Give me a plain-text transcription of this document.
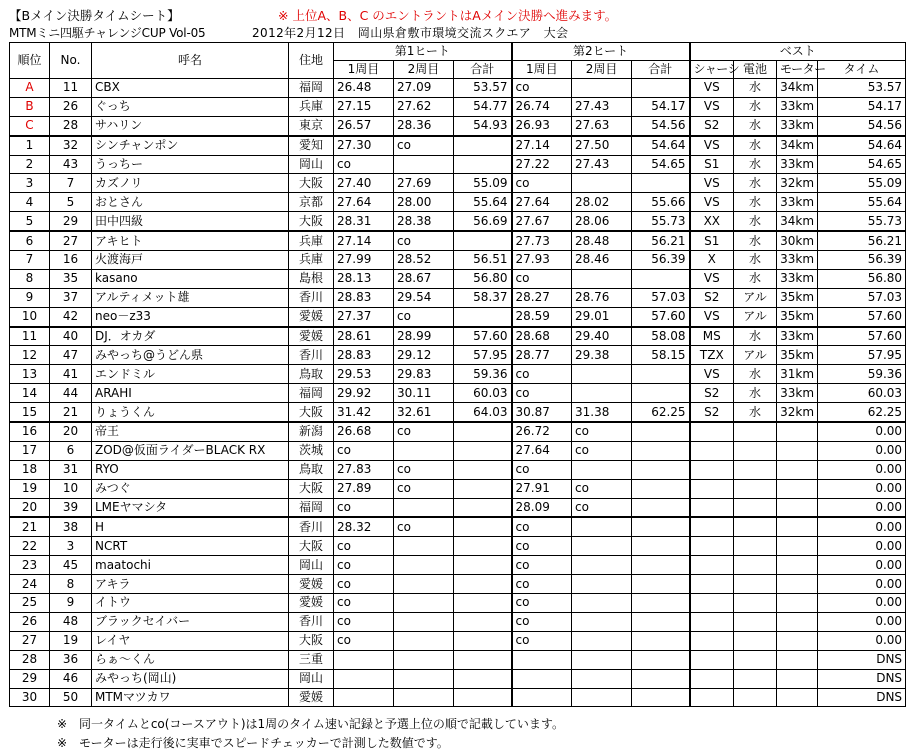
【Bメイン決勝タイムシート】	※ 上位A、B、C のエントラントはAメイン決勝へ進みます。
MTMミニ四駆チャレンジCUP Vol-05	2012年2月12日　岡山県倉敷市環境交流スクエア　大会
順位	No.	呼名	住地	第1ヒート			第2ヒート			ベスト			
				1周目	2周目	合計	1周目	2周目	合計	シャーシ	電池	モーター	タイム
A	11	CBX	福岡	26.48	27.09	53.57	co			VS	水	34km	53.57
B	26	ぐっち	兵庫	27.15	27.62	54.77	26.74	27.43	54.17	VS	水	33km	54.17
C	28	サハリン	東京	26.57	28.36	54.93	26.93	27.63	54.56	S2	水	33km	54.56
1	32	シンチャンポン	愛知	27.30	co		27.14	27.50	54.64	VS	水	34km	54.64
2	43	うっちー	岡山	co			27.22	27.43	54.65	S1	水	33km	54.65
3	7	カズノリ	大阪	27.40	27.69	55.09	co			VS	水	32km	55.09
4	5	おとさん	京都	27.64	28.00	55.64	27.64	28.02	55.66	VS	水	33km	55.64
5	29	田中四級	大阪	28.31	28.38	56.69	27.67	28.06	55.73	XX	水	34km	55.73
6	27	アキヒト	兵庫	27.14	co		27.73	28.48	56.21	S1	水	30km	56.21
7	16	火渡海戸	兵庫	27.99	28.52	56.51	27.93	28.46	56.39	X	水	33km	56.39
8	35	kasano	島根	28.13	28.67	56.80	co			VS	水	33km	56.80
9	37	アルティメット雄	香川	28.83	29.54	58.37	28.27	28.76	57.03	S2	アル	35km	57.03
10	42	neo－z33	愛媛	27.37	co		28.59	29.01	57.60	VS	アル	35km	57.60
11	40	DJ．オカダ	愛媛	28.61	28.99	57.60	28.68	29.40	58.08	MS	水	33km	57.60
12	47	みやっち@うどん県	香川	28.83	29.12	57.95	28.77	29.38	58.15	TZX	アル	35km	57.95
13	41	エンドミル	鳥取	29.53	29.83	59.36	co			VS	水	31km	59.36
14	44	ARAHI	福岡	29.92	30.11	60.03	co			S2	水	33km	60.03
15	21	りょうくん	大阪	31.42	32.61	64.03	30.87	31.38	62.25	S2	水	32km	62.25
16	20	帝王	新潟	26.68	co		26.72	co					0.00
17	6	ZOD@仮面ライダーBLACK RX	茨城	co			27.64	co					0.00
18	31	RYO	鳥取	27.83	co		co						0.00
19	10	みつぐ	大阪	27.89	co		27.91	co					0.00
20	39	LMEヤマシタ	福岡	co			28.09	co					0.00
21	38	H	香川	28.32	co		co						0.00
22	3	NCRT	大阪	co			co						0.00
23	45	maatochi	岡山	co			co						0.00
24	8	アキラ	愛媛	co			co						0.00
25	9	イトウ	愛媛	co			co						0.00
26	48	ブラックセイバー	香川	co			co						0.00
27	19	レイヤ	大阪	co			co						0.00
28	36	らぁ～くん	三重										DNS
29	46	みやっち(岡山)	岡山										DNS
30	50	MTMマツカワ	愛媛										DNS
※　同一タイムとco(コースアウト)は1周のタイム速い記録と予選上位の順で記載しています。
※　モーターは走行後に実車でスピードチェッカーで計測した数値です。
